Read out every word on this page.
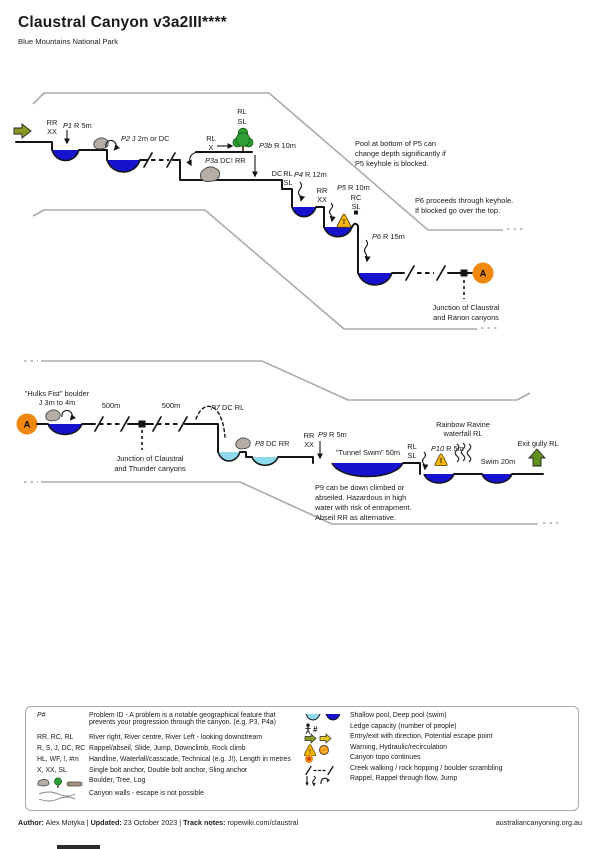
Claustral Canyon v3a2III****
Blue Mountains National Park
RR
XX
P1 R 5m
P2 J 2m or DC	RL
X
P3a DC! RR
RL
SL
P3b R 10m
DC RL
SL
P4 R 12m
RR
XX
P5 R 10m
!
RC
SL
P6 R 15m
Pool at bottom of P5 can
change depth significantly if
P5 keyhole is blocked.
P6 proceeds through keyhole.
If blocked go over the top.
Junction of Claustral
and Ranon canyons
A
A
"Hulks Fist" boulder
J 3m to 4m	500m	500m
Junction of Claustral
and Thunder canyons
P7 DC RL
P8 DC RR
RR
XX
P9 R 5m
"Tunnel Swim" 50m
P9 can be down climbed or
abseiled. Hazardous in high
water with risk of entrapment.
Abseil RR as alternative.
RL
SL
P10 R 5m
!
Rainbow Ravine
waterfall RL
Swim 20m
Exit gully RL
P#	Problem ID - A problem is a notable geographical feature that
prevents your progression through the canyon. (e.g. P3, P4a)
RR, RC, RL	River right, River centre, River Left - looking downstream
R, S, J, DC, RC Rappel/abseil, Slide, Jump, Downclimb, Rock climb
HL, WF, !, #m	Handline, Waterfall/casscade, Technical (e.g. J!), Length in metres
X, XX, SL	Single bolt anchor, Double bolt anchor, Sling anchor
Boulder, Tree, Log
Canyon walls - escape is not possible
Shallow pool, Deep pool (swim)
#	Ledge capacity (number of people)
Entry/exit with direction, Potential escape point
!
Warning, Hydraulic/recirculation
Canyon topo continues
Creek walking / rock hopping / boulder scrambling
Rappel, Rappel through flow, Jump
Author: Alex Motyka | Updated: 23 October 2023 | Track notes: ropewiki.com/claustral	australiancanyoning.org.au
